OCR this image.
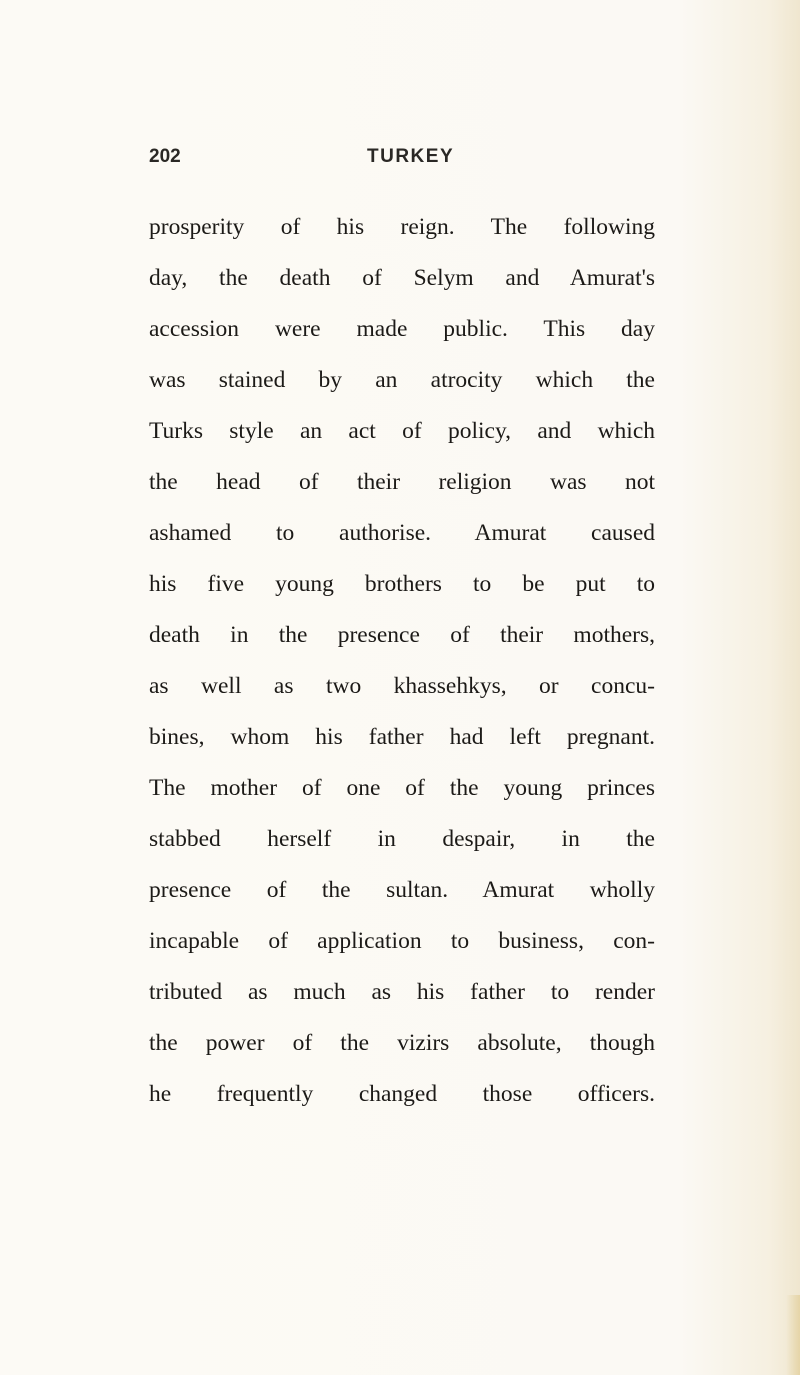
202	TURKEY
prosperity of his reign. The following
day, the death of Selym and Amurat's
accession were made public. This day
was stained by an atrocity which the
Turks style an act of policy, and which
the head of their religion was not
ashamed to authorise. Amurat caused
his five young brothers to be put to
death in the presence of their mothers,
as well as two khassehkys, or concu-
bines, whom his father had left pregnant.
The mother of one of the young princes
stabbed herself in despair, in the
presence of the sultan. Amurat wholly
incapable of application to business, con-
tributed as much as his father to render
the power of the vizirs absolute, though
he frequently changed those officers.
